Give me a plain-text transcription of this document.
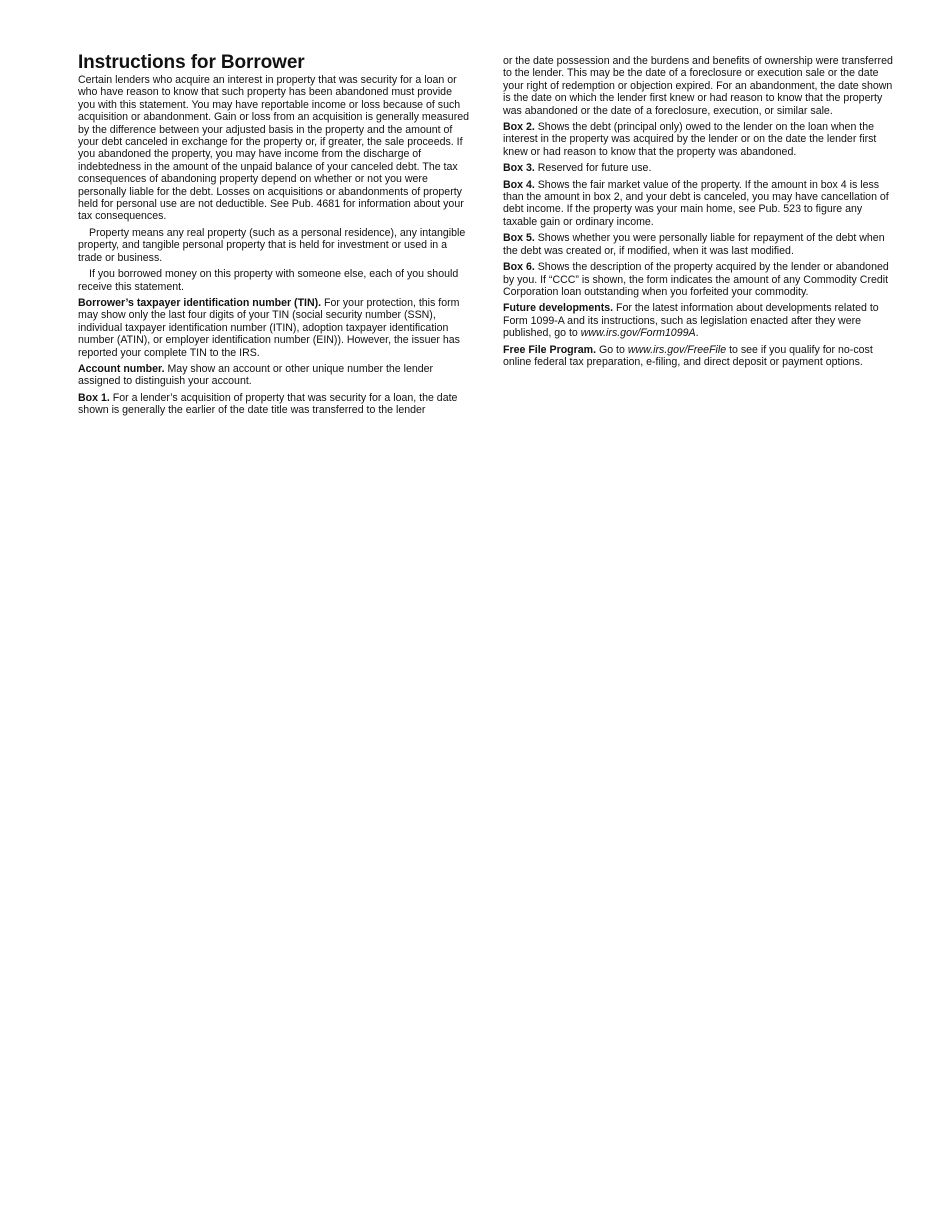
Instructions for Borrower

Certain lenders who acquire an interest in property that was security for a loan or who have reason to know that such property has been abandoned must provide you with this statement. You may have reportable income or loss because of such acquisition or abandonment. Gain or loss from an acquisition is generally measured by the difference between your adjusted basis in the property and the amount of your debt canceled in exchange for the property or, if greater, the sale proceeds. If you abandoned the property, you may have income from the discharge of indebtedness in the amount of the unpaid balance of your canceled debt. The tax consequences of abandoning property depend on whether or not you were personally liable for the debt. Losses on acquisitions or abandonments of property held for personal use are not deductible. See Pub. 4681 for information about your tax consequences.

Property means any real property (such as a personal residence), any intangible property, and tangible personal property that is held for investment or used in a trade or business.

If you borrowed money on this property with someone else, each of you should receive this statement.

Borrower’s taxpayer identification number (TIN). For your protection, this form may show only the last four digits of your TIN (social security number (SSN), individual taxpayer identification number (ITIN), adoption taxpayer identification number (ATIN), or employer identification number (EIN)). However, the issuer has reported your complete TIN to the IRS.

Account number. May show an account or other unique number the lender assigned to distinguish your account.

Box 1. For a lender’s acquisition of property that was security for a loan, the date shown is generally the earlier of the date title was transferred to the lender

or the date possession and the burdens and benefits of ownership were transferred to the lender. This may be the date of a foreclosure or execution sale or the date your right of redemption or objection expired. For an abandonment, the date shown is the date on which the lender first knew or had reason to know that the property was abandoned or the date of a foreclosure, execution, or similar sale.

Box 2. Shows the debt (principal only) owed to the lender on the loan when the interest in the property was acquired by the lender or on the date the lender first knew or had reason to know that the property was abandoned.

Box 3. Reserved for future use.

Box 4. Shows the fair market value of the property. If the amount in box 4 is less than the amount in box 2, and your debt is canceled, you may have cancellation of debt income. If the property was your main home, see Pub. 523 to figure any taxable gain or ordinary income.

Box 5. Shows whether you were personally liable for repayment of the debt when the debt was created or, if modified, when it was last modified.

Box 6. Shows the description of the property acquired by the lender or abandoned by you. If “CCC” is shown, the form indicates the amount of any Commodity Credit Corporation loan outstanding when you forfeited your commodity.

Future developments. For the latest information about developments related to Form 1099-A and its instructions, such as legislation enacted after they were published, go to www.irs.gov/Form1099A.

Free File Program. Go to www.irs.gov/FreeFile to see if you qualify for no-cost online federal tax preparation, e-filing, and direct deposit or payment options.
